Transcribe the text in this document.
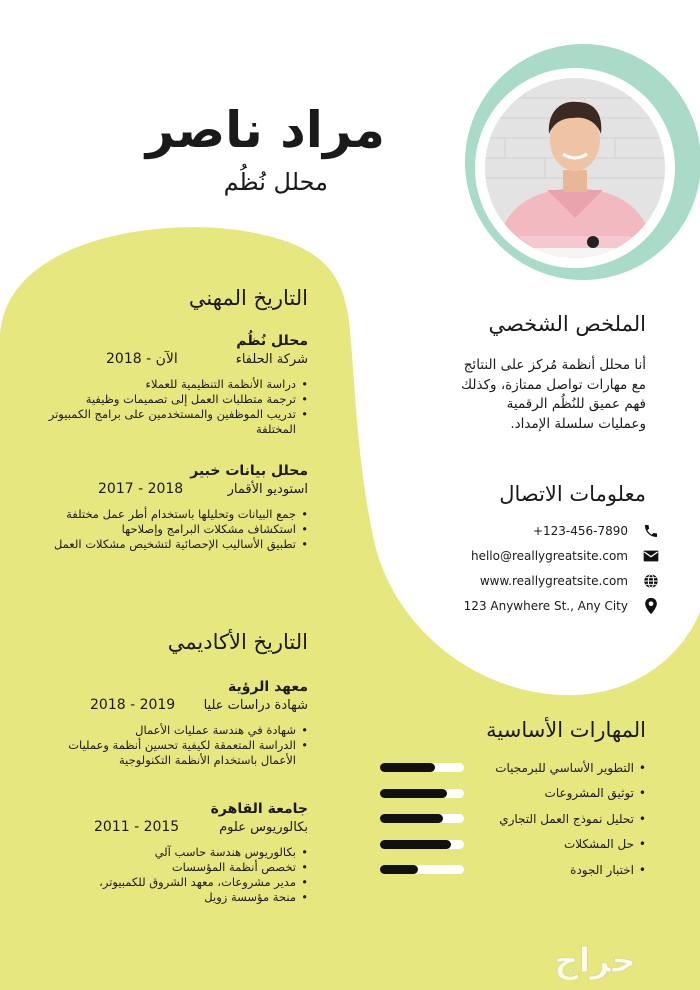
مراد ناصر
محلل نُظُم
التاريخ المهني
محلل نُظُم
شركة الحلفاء
الآن - 2018
• دراسة الأنظمة التنظيمية للعملاء
• ترجمة متطلبات العمل إلى تصميمات وظيفية
• تدريب الموظفين والمستخدمين على برامج الكمبيوتر المختلفة
محلل بيانات خبير
استوديو الأقمار
2017 - 2018
• جمع البيانات وتحليلها باستخدام أطر عمل مختلفة
• استكشاف مشكلات البرامج وإصلاحها
• تطبيق الأساليب الإحصائية لتشخيص مشكلات العمل
التاريخ الأكاديمي
معهد الرؤية
شهادة دراسات عليا
2018 - 2019
• شهادة في هندسة عمليات الأعمال
• الدراسة المتعمقة لكيفية تحسين أنظمة وعمليات الأعمال باستخدام الأنظمة التكنولوجية
جامعة القاهرة
بكالوريوس علوم
2011 - 2015
• بكالوريوس هندسة حاسب آلي
• تخصص أنظمة المؤسسات
• مدير مشروعات، معهد الشروق للكمبيوتر،
• منحة مؤسسة زويل
الملخص الشخصي
أنا محلل أنظمة مُركز على النتائج مع مهارات تواصل ممتازة، وكذلك فهم عميق للنُظُم الرقمية وعمليات سلسلة الإمداد.
معلومات الاتصال
+123-456-7890
hello@reallygreatsite.com
www.reallygreatsite.com
123 Anywhere St., Any City
المهارات الأساسية
• التطوير الأساسي للبرمجيات
• توثيق المشروعات
• تحليل نموذج العمل التجاري
• حل المشكلات
• اختبار الجودة
حراج
